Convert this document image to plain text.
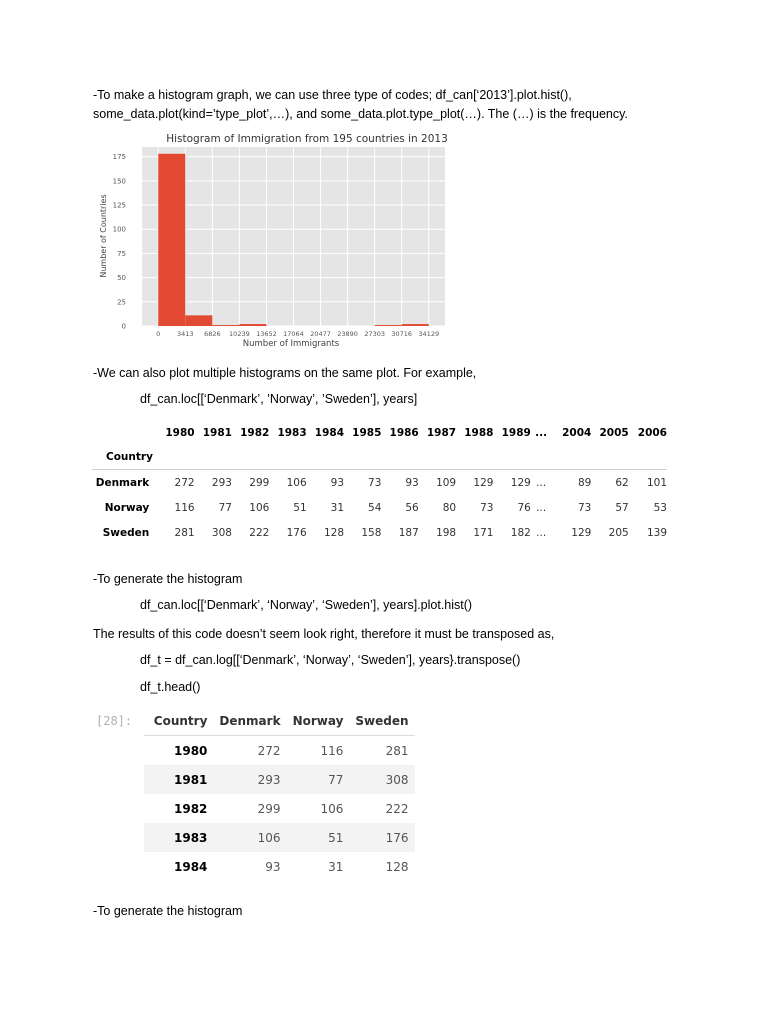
-To make a histogram graph, we can use three type of codes; df_can[‘2013’].plot.hist(),
some_data.plot(kind=’type_plot’,…), and some_data.plot.type_plot(…). The (…) is the frequency.
Histogram of Immigration from 195 countries in 2013
0
25
50
75
100
125
150
175
0	3413 6826 10239 13652 17064 20477 23890 27303 30716 34129
Number of Immigrants
Number of Countries
-We can also plot multiple histograms on the same plot. For example,
df_can.loc[[‘Denmark’, ’Norway’, ’Sweden’], years]
	1980	1981	1982	1983	1984	1985	1986	1987	1988	1989	...	2004	2005	2006
Country														
Denmark	272	293	299	106	93	73	93	109	129	129	...	89	62	101
Norway	116	77	106	51	31	54	56	80	73	76	...	73	57	53
Sweden	281	308	222	176	128	158	187	198	171	182	...	129	205	139
-To generate the histogram
df_can.loc[[‘Denmark’, ‘Norway’, ‘Sweden’], years].plot.hist()
The results of this code doesn’t seem look right, therefore it must be transposed as,
df_t = df_can.log[[‘Denmark’, ‘Norway’, ‘Sweden’], years}.transpose()
df_t.head()
[28]: Country	Denmark	Norway	Sweden
1980	272	116	281
1981	293	77	308
1982	299	106	222
1983	106	51	176
1984	93	31	128
-To generate the histogram
